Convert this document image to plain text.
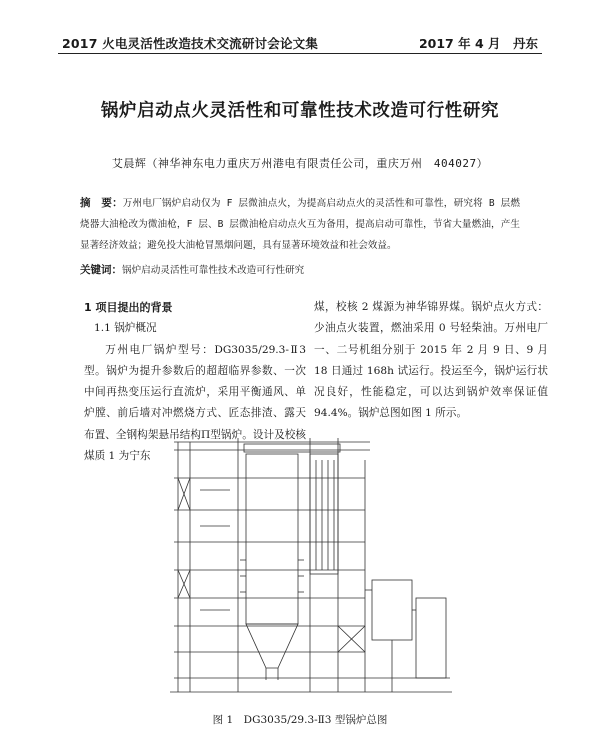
2017 火电灵活性改造技术交流研讨会论文集	2017 年 4 月　丹东
锅炉启动点火灵活性和可靠性技术改造可行性研究
艾晨辉（神华神东电力重庆万州港电有限责任公司，重庆万州　404027）
摘　要：万州电厂锅炉启动仅为 F 层微油点火，为提高启动点火的灵活性和可靠性，研究将 B 层燃烧器大油枪改为微油枪，F 层、B 层微油枪启动点火互为备用，提高启动可靠性，节省大量燃油，产生显著经济效益；避免投大油枪冒黑烟问题，具有显著环境效益和社会效益。
关键词：锅炉启动灵活性可靠性技术改造可行性研究
1 项目提出的背景
1.1 锅炉概况

万州电厂锅炉型号：DG3035/29.3-Ⅱ3 型。锅炉为提升参数后的超超临界参数、一次中间再热变压运行直流炉，采用平衡通风、单炉膛、前后墙对冲燃烧方式、匠态排渣、露天布置、全钢构架悬吊结构Π型锅炉。设计及校核煤质 1 为宁东

煤，校核 2 煤源为神华锦界煤。锅炉点火方式：少油点火装置，燃油采用 0 号轻柴油。万州电厂一、二号机组分别于 2015 年 2 月 9 日、9 月 18 日通过 168h 试运行。投运至今，锅炉运行状况良好，性能稳定，可以达到锅炉效率保证值 94.4%。锅炉总图如图 1 所示。

图 1　DG3035/29.3-Ⅱ3 型锅炉总图
